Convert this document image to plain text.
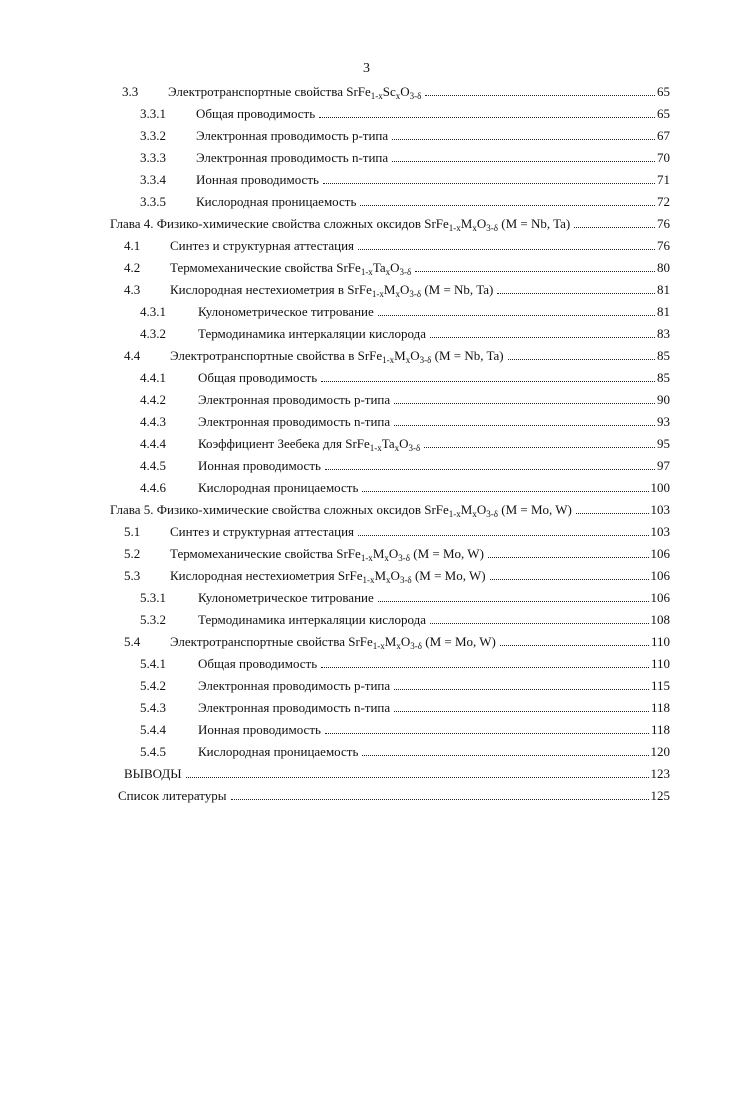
3
3.3 Электротранспортные свойства $SrFe_{1-x}Sc_xO_{3-\delta}$	65
3.3.1 Общая проводимость	65
3.3.2 Электронная проводимость p-типа	67
3.3.3 Электронная проводимость n-типа	70
3.3.4 Ионная проводимость	71
3.3.5 Кислородная проницаемость	72
Глава 4. Физико-химические свойства сложных оксидов $SrFe_{1-x}M_xO_{3-\delta}$ (M = Nb, Ta)	76
4.1 Синтез и структурная аттестация	76
4.2 Термомеханические свойства $SrFe_{1-x}Ta_xO_{3-\delta}$	80
4.3 Кислородная нестехиометрия в $SrFe_{1-x}M_xO_{3-\delta}$ (M = Nb, Ta)	81
4.3.1 Кулонометрическое титрование	81
4.3.2 Термодинамика интеркаляции кислорода	83
4.4 Электротранспортные свойства в $SrFe_{1-x}M_xO_{3-\delta}$ (M = Nb, Ta)	85
4.4.1 Общая проводимость	85
4.4.2 Электронная проводимость p-типа	90
4.4.3 Электронная проводимость n-типа	93
4.4.4 Коэффициент Зеебека для $SrFe_{1-x}Ta_xO_{3-\delta}$	95
4.4.5 Ионная проводимость	97
4.4.6 Кислородная проницаемость	100
Глава 5. Физико-химические свойства сложных оксидов $SrFe_{1-x}M_xO_{3-\delta}$ (M = Mo, W)	103
5.1 Синтез и структурная аттестация	103
5.2 Термомеханические свойства $SrFe_{1-x}M_xO_{3-\delta}$ (M = Mo, W)	106
5.3 Кислородная нестехиометрия $SrFe_{1-x}M_xO_{3-\delta}$ (M = Mo, W)	106
5.3.1 Кулонометрическое титрование	106
5.3.2 Термодинамика интеркаляции кислорода	108
5.4 Электротранспортные свойства $SrFe_{1-x}M_xO_{3-\delta}$ (M = Mo, W)	110
5.4.1 Общая проводимость	110
5.4.2 Электронная проводимость p-типа	115
5.4.3 Электронная проводимость n-типа	118
5.4.4 Ионная проводимость	118
5.4.5 Кислородная проницаемость	120
ВЫВОДЫ	123
Список литературы	125
